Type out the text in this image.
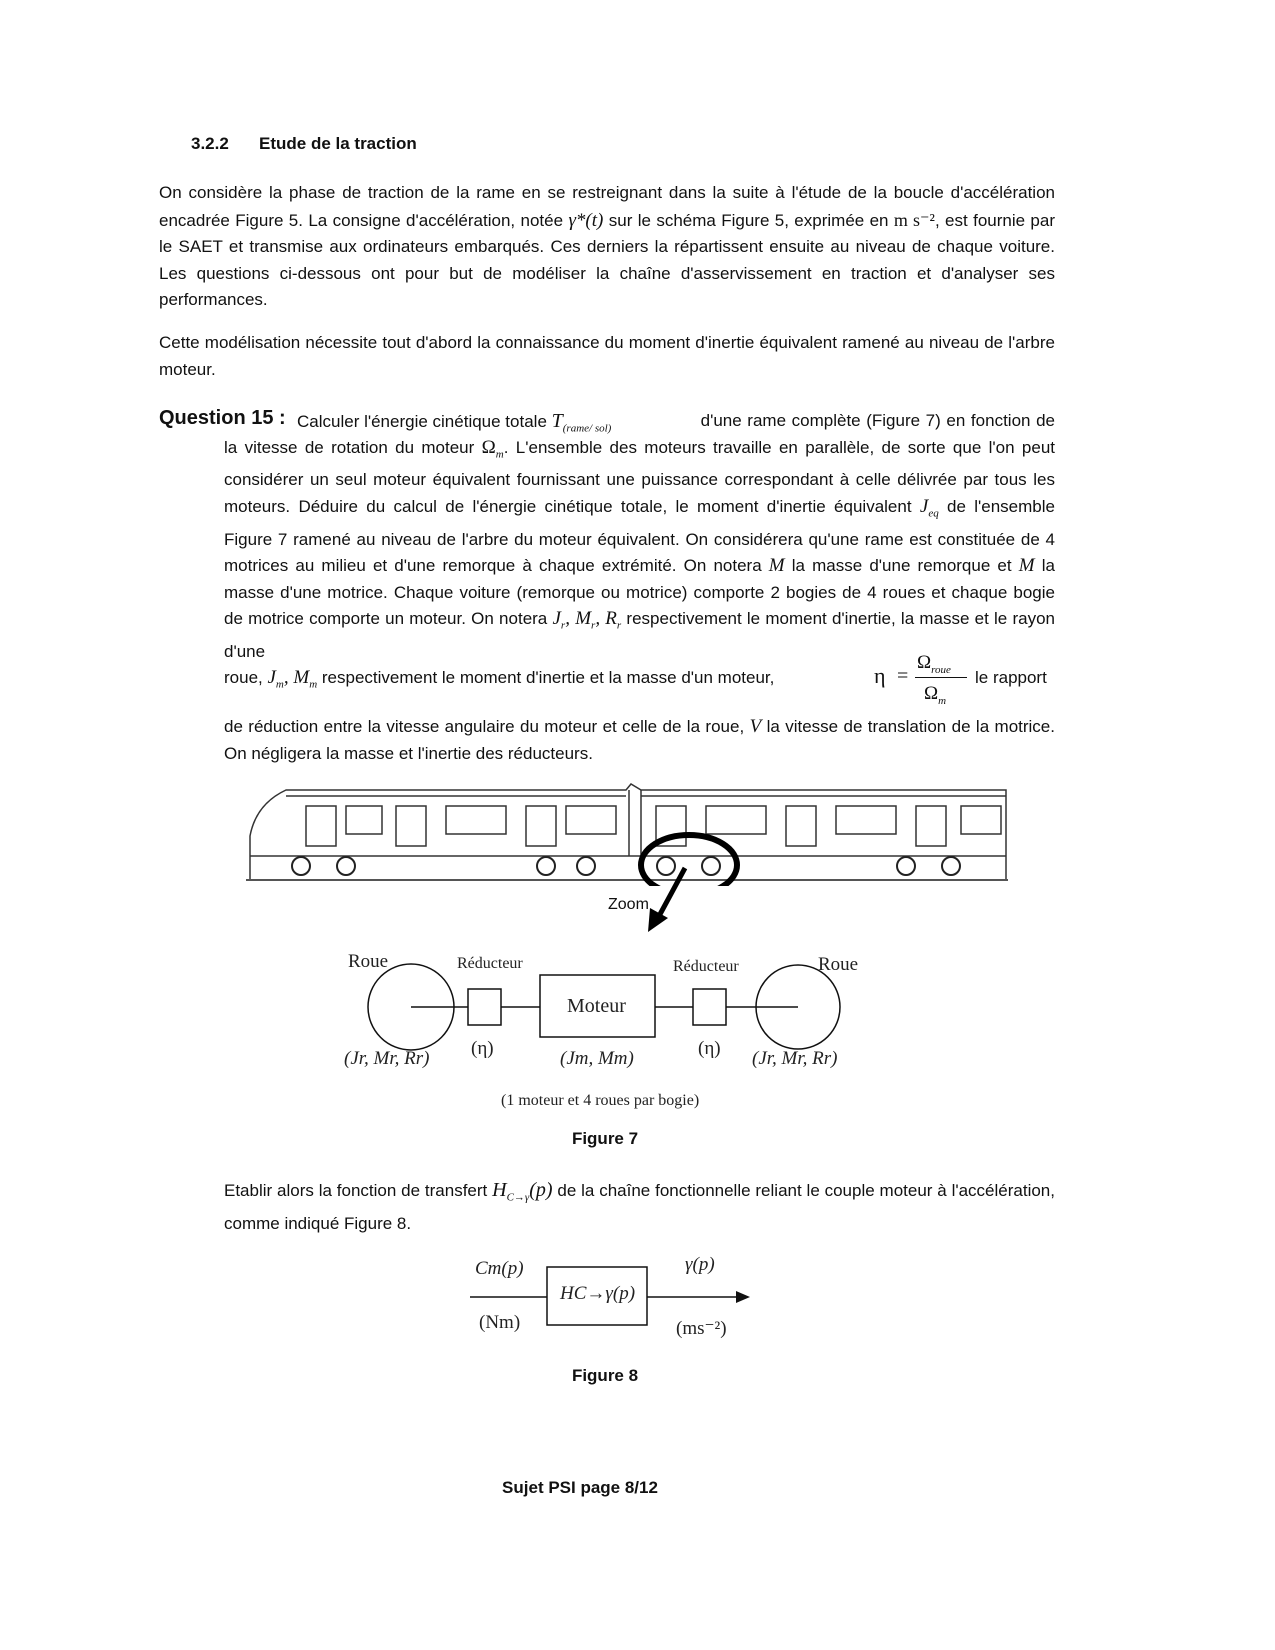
3.2.2 Etude de la traction
On considère la phase de traction de la rame en se restreignant dans la suite à l'étude de la boucle d'accélération encadrée Figure 5. La consigne d'accélération, notée γ*(t) sur le schéma Figure 5, exprimée en m s⁻², est fournie par le SAET et transmise aux ordinateurs embarqués. Ces derniers la répartissent ensuite au niveau de chaque voiture. Les questions ci-dessous ont pour but de modéliser la chaîne d'asservissement en traction et d'analyser ses performances.
Cette modélisation nécessite tout d'abord la connaissance du moment d'inertie équivalent ramené au niveau de l'arbre moteur.
Question 15 : Calculer l'énergie cinétique totale $T_{(rame/ sol)}$	d'une rame complète (Figure 7) en fonction de la vitesse de rotation du moteur $\Omega_m$. L'ensemble des moteurs travaille en parallèle, de sorte que l'on peut considérer un seul moteur équivalent fournissant une puissance correspondant à celle délivrée par tous les moteurs. Déduire du calcul de l'énergie cinétique totale, le moment d'inertie équivalent $J_{eq}$ de l'ensemble Figure 7 ramené au niveau de l'arbre du moteur équivalent. On considérera qu'une rame est constituée de 4 motrices au milieu et d'une remorque à chaque extrémité. On notera M la masse d'une remorque et M la masse d'une motrice. Chaque voiture (remorque ou motrice) comporte 2 bogies de 4 roues et chaque bogie de motrice comporte un moteur. On notera $J_r$, $M_r$, $R_r$ respectivement le moment d'inertie, la masse et le rayon d'une
roue, $J_m$, $M_m$ respectivement le moment d'inertie et la masse d'un moteur,	η =
$\Omega_{roue}$
$\Omega_m$
le rapport
de réduction entre la vitesse angulaire du moteur et celle de la roue, V la vitesse de translation de la motrice. On négligera la masse et l'inertie des réducteurs.
Zoom
Roue	Roue
Réducteur	Réducteur
Moteur
(η)	(η)
(Jr, Mr, Rr)	(Jm, Mm)	(Jr, Mr, Rr)
(1 moteur et 4 roues par bogie)
Figure 7
Etablir alors la fonction de transfert $H_{C\to\gamma}(p)$ de la chaîne fonctionnelle reliant le couple moteur à l'accélération, comme indiqué Figure 8.
Cm(p)
(Nm)
HC→γ(p)
γ(p)
(ms⁻²)
Figure 8
Sujet PSI page 8/12
